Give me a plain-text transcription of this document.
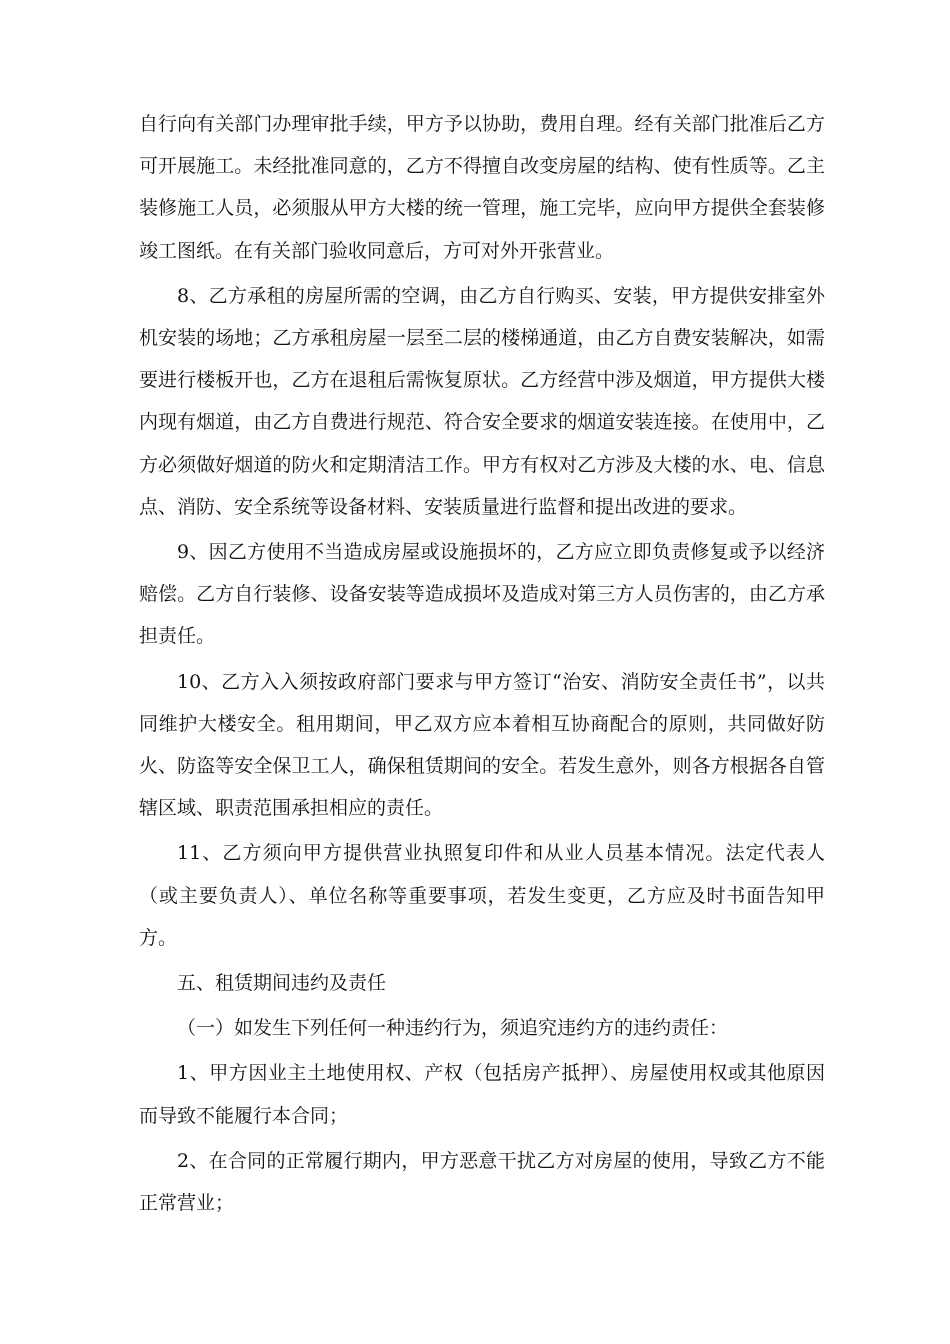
自行向有关部门办理审批手续，甲方予以协助，费用自理。经有关部门批准后乙方可开展施工。未经批准同意的，乙方不得擅自改变房屋的结构、使有性质等。乙主装修施工人员，必须服从甲方大楼的统一管理，施工完毕，应向甲方提供全套装修竣工图纸。在有关部门验收同意后，方可对外开张营业。

8、乙方承租的房屋所需的空调，由乙方自行购买、安装，甲方提供安排室外机安装的场地；乙方承租房屋一层至二层的楼梯通道，由乙方自费安装解决，如需要进行楼板开也，乙方在退租后需恢复原状。乙方经营中涉及烟道，甲方提供大楼内现有烟道，由乙方自费进行规范、符合安全要求的烟道安装连接。在使用中，乙方必须做好烟道的防火和定期清洁工作。甲方有权对乙方涉及大楼的水、电、信息点、消防、安全系统等设备材料、安装质量进行监督和提出改进的要求。

9、因乙方使用不当造成房屋或设施损坏的，乙方应立即负责修复或予以经济赔偿。乙方自行装修、设备安装等造成损坏及造成对第三方人员伤害的，由乙方承担责任。

10、乙方入入须按政府部门要求与甲方签订“治安、消防安全责任书”，以共同维护大楼安全。租用期间，甲乙双方应本着相互协商配合的原则，共同做好防火、防盗等安全保卫工人，确保租赁期间的安全。若发生意外，则各方根据各自管辖区域、职责范围承担相应的责任。

11、乙方须向甲方提供营业执照复印件和从业人员基本情况。法定代表人（或主要负责人）、单位名称等重要事项，若发生变更，乙方应及时书面告知甲方。

五、租赁期间违约及责任

（一）如发生下列任何一种违约行为，须追究违约方的违约责任：

1、甲方因业主土地使用权、产权（包括房产抵押）、房屋使用权或其他原因而导致不能履行本合同；

2、在合同的正常履行期内，甲方恶意干扰乙方对房屋的使用，导致乙方不能正常营业；
